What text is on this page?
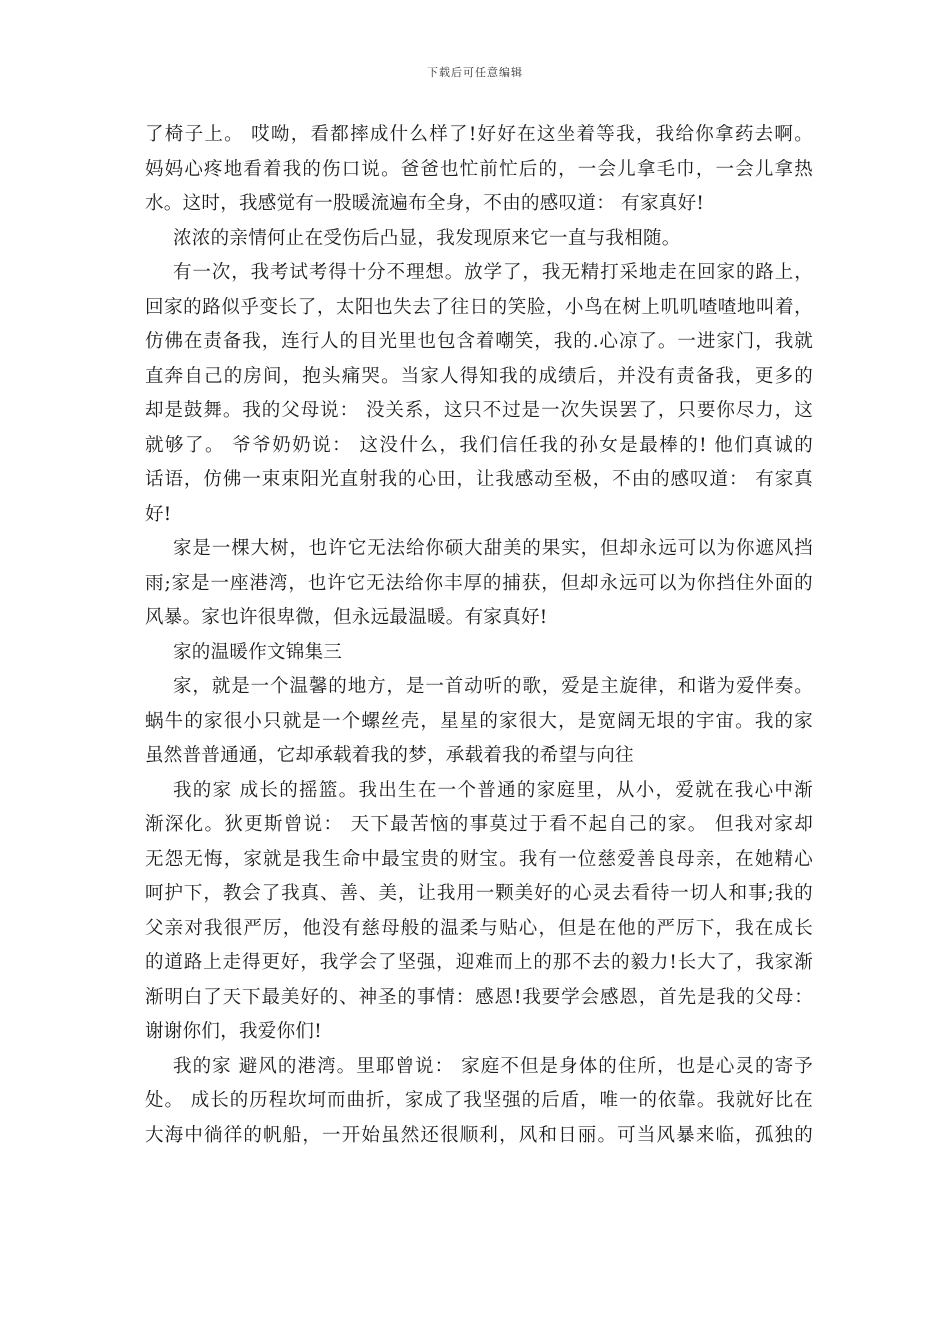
下载后可任意编辑
了椅子上。 哎呦，看都摔成什么样了!好好在这坐着等我，我给你拿药去啊。
妈妈心疼地看着我的伤口说。爸爸也忙前忙后的，一会儿拿毛巾，一会儿拿热
水。这时，我感觉有一股暖流遍布全身，不由的感叹道： 有家真好!
浓浓的亲情何止在受伤后凸显，我发现原来它一直与我相随。
有一次，我考试考得十分不理想。放学了，我无精打采地走在回家的路上，
回家的路似乎变长了，太阳也失去了往日的笑脸，小鸟在树上叽叽喳喳地叫着，
仿佛在责备我，连行人的目光里也包含着嘲笑，我的.心凉了。一进家门，我就
直奔自己的房间，抱头痛哭。当家人得知我的成绩后，并没有责备我，更多的
却是鼓舞。我的父母说： 没关系，这只不过是一次失误罢了，只要你尽力，这
就够了。 爷爷奶奶说： 这没什么，我们信任我的孙女是最棒的! 他们真诚的
话语，仿佛一束束阳光直射我的心田，让我感动至极，不由的感叹道： 有家真
好!
家是一棵大树，也许它无法给你硕大甜美的果实，但却永远可以为你遮风挡
雨;家是一座港湾，也许它无法给你丰厚的捕获，但却永远可以为你挡住外面的
风暴。家也许很卑微，但永远最温暖。有家真好!
家的温暖作文锦集三
家，就是一个温馨的地方，是一首动听的歌，爱是主旋律，和谐为爱伴奏。
蜗牛的家很小只就是一个螺丝壳，星星的家很大，是宽阔无垠的宇宙。我的家
虽然普普通通，它却承载着我的梦，承载着我的希望与向往
我的家 成长的摇篮。我出生在一个普通的家庭里，从小，爱就在我心中渐
渐深化。狄更斯曾说： 天下最苦恼的事莫过于看不起自己的家。 但我对家却
无怨无悔，家就是我生命中最宝贵的财宝。我有一位慈爱善良母亲，在她精心
呵护下，教会了我真、善、美，让我用一颗美好的心灵去看待一切人和事;我的
父亲对我很严厉，他没有慈母般的温柔与贴心，但是在他的严厉下，我在成长
的道路上走得更好，我学会了坚强，迎难而上的那不去的毅力!长大了，我家渐
渐明白了天下最美好的、神圣的事情：感恩!我要学会感恩，首先是我的父母：
谢谢你们，我爱你们!
我的家 避风的港湾。里耶曾说： 家庭不但是身体的住所，也是心灵的寄予
处。 成长的历程坎坷而曲折，家成了我坚强的后盾，唯一的依靠。我就好比在
大海中徜徉的帆船，一开始虽然还很顺利，风和日丽。可当风暴来临，孤独的
